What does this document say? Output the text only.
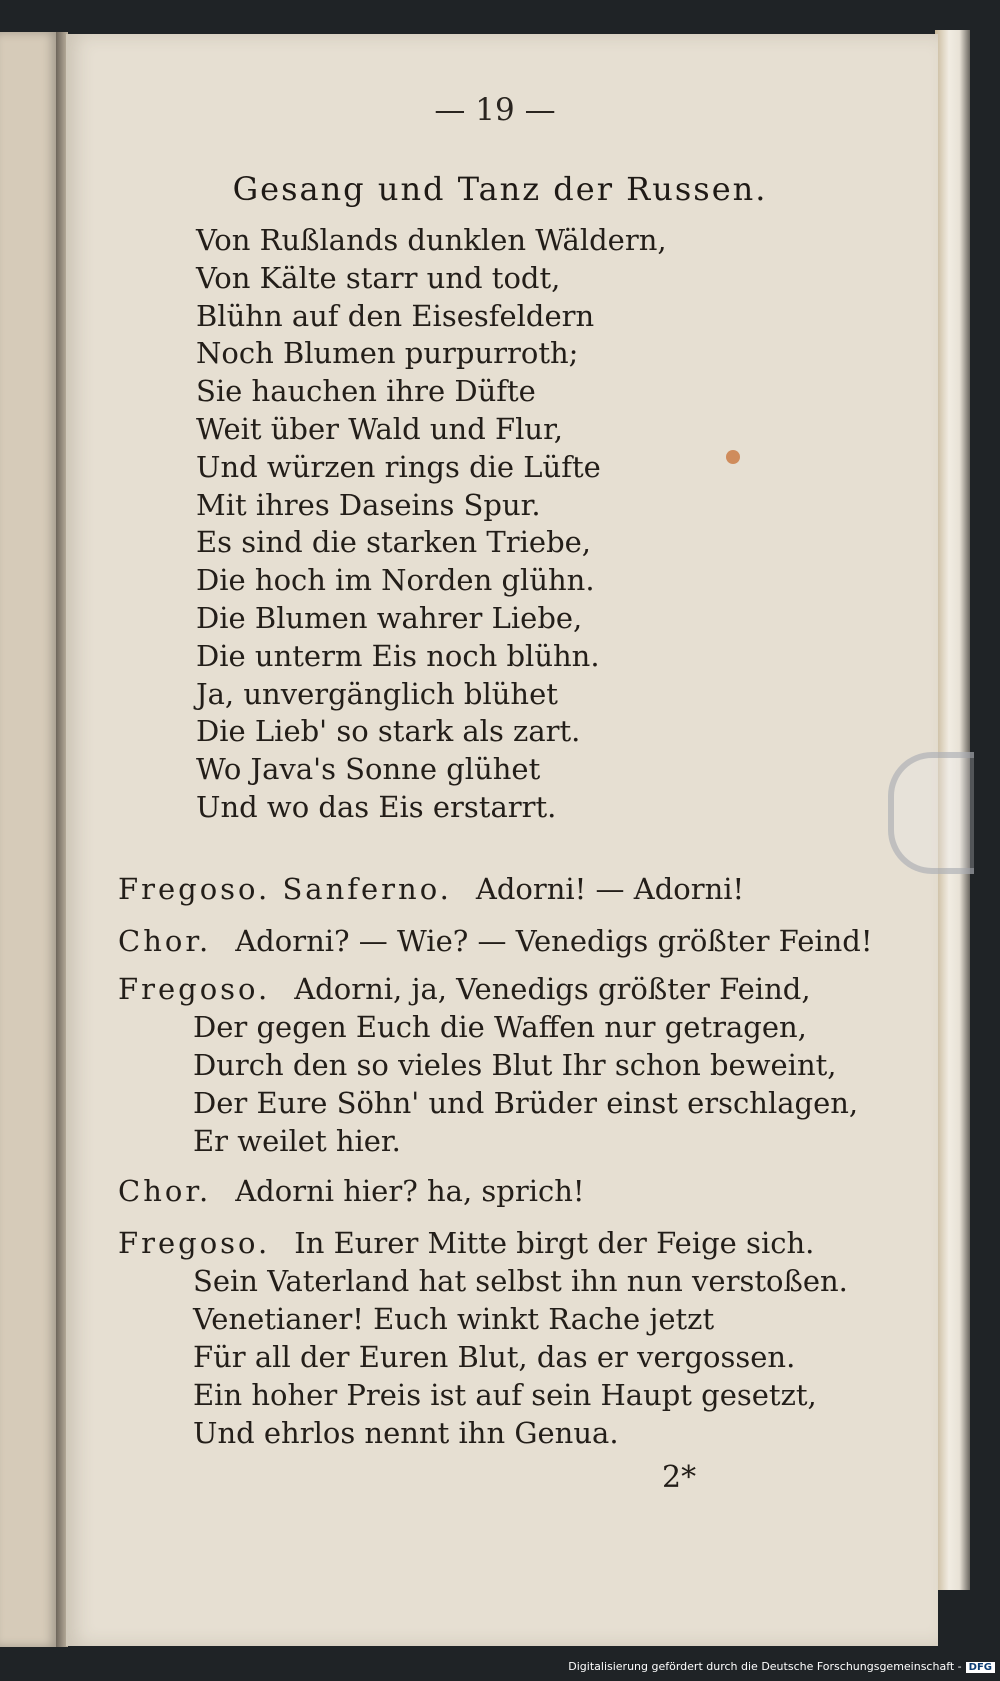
— 19 —
Gesang und Tanz der Russen.
Von Rußlands dunklen Wäldern,
Von Kälte starr und todt,
Blühn auf den Eisesfeldern
Noch Blumen purpurroth;
Sie hauchen ihre Düfte
Weit über Wald und Flur,
Und würzen rings die Lüfte
Mit ihres Daseins Spur.
Es sind die starken Triebe,
Die hoch im Norden glühn.
Die Blumen wahrer Liebe,
Die unterm Eis noch blühn.
Ja, unvergänglich blühet
Die Lieb' so stark als zart.
Wo Java's Sonne glühet
Und wo das Eis erstarrt.
Fregoso. Sanferno. Adorni! — Adorni!
Chor. Adorni? — Wie? — Venedigs größter Feind!
Fregoso. Adorni, ja, Venedigs größter Feind,
Der gegen Euch die Waffen nur getragen,
Durch den so vieles Blut Ihr schon beweint,
Der Eure Söhn' und Brüder einst erschlagen,
Er weilet hier.
Chor. Adorni hier? ha, sprich!
Fregoso. In Eurer Mitte birgt der Feige sich.
Sein Vaterland hat selbst ihn nun verstoßen.
Venetianer! Euch winkt Rache jetzt
Für all der Euren Blut, das er vergossen.
Ein hoher Preis ist auf sein Haupt gesetzt,
Und ehrlos nennt ihn Genua.
2*
Digitalisierung gefördert durch die Deutsche Forschungsgemeinschaft - DFG
